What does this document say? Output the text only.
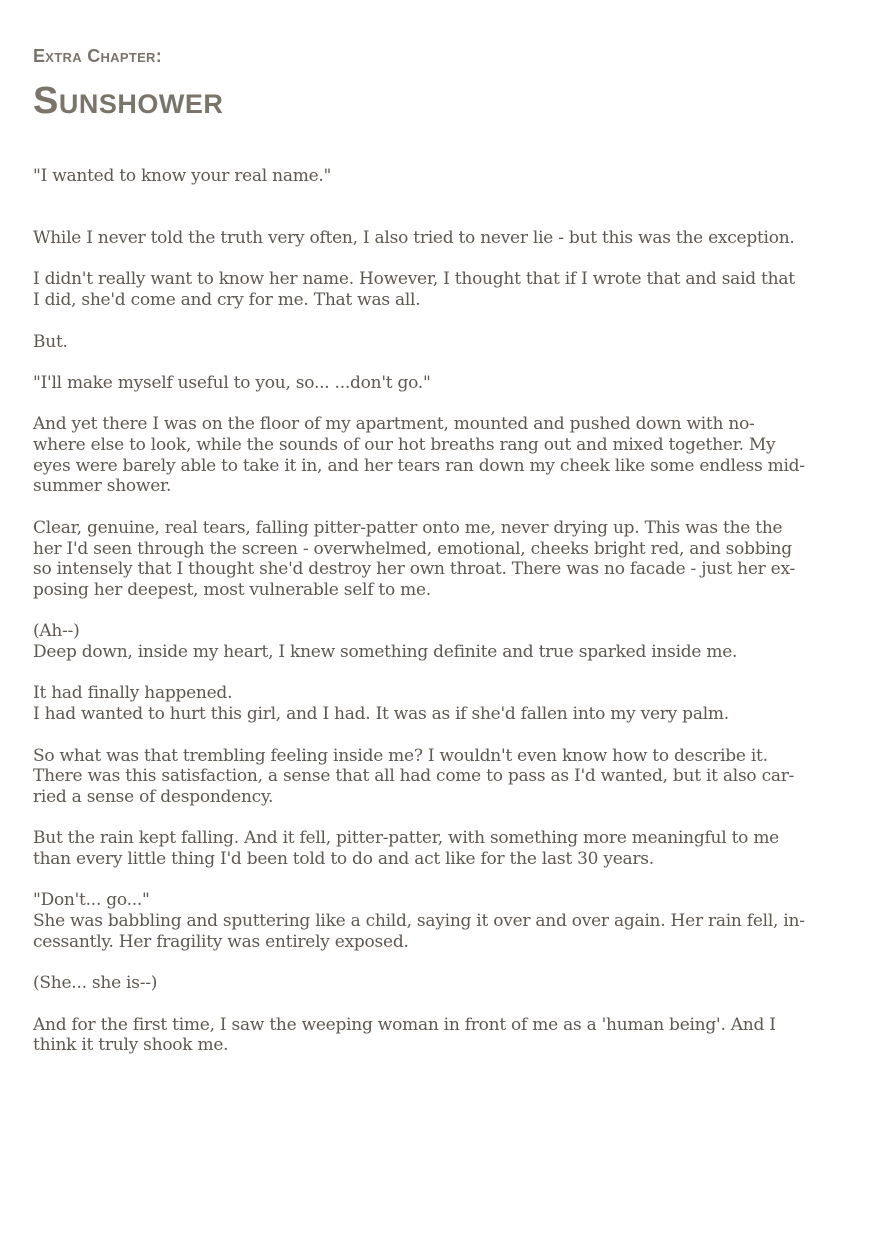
Extra Chapter:
Sunshower

"I wanted to know your real name."

While I never told the truth very often, I also tried to never lie - but this was the exception.

I didn't really want to know her name. However, I thought that if I wrote that and said that
I did, she'd come and cry for me. That was all.

But.

"I'll make myself useful to you, so... ...don't go."

And yet there I was on the floor of my apartment, mounted and pushed down with no-
where else to look, while the sounds of our hot breaths rang out and mixed together. My
eyes were barely able to take it in, and her tears ran down my cheek like some endless mid-
summer shower.

Clear, genuine, real tears, falling pitter-patter onto me, never drying up. This was the the
her I'd seen through the screen - overwhelmed, emotional, cheeks bright red, and sobbing
so intensely that I thought she'd destroy her own throat. There was no facade - just her ex-
posing her deepest, most vulnerable self to me.

(Ah--)
Deep down, inside my heart, I knew something definite and true sparked inside me.

It had finally happened.
I had wanted to hurt this girl, and I had. It was as if she'd fallen into my very palm.

So what was that trembling feeling inside me? I wouldn't even know how to describe it.
There was this satisfaction, a sense that all had come to pass as I'd wanted, but it also car-
ried a sense of despondency.

But the rain kept falling. And it fell, pitter-patter, with something more meaningful to me
than every little thing I'd been told to do and act like for the last 30 years.

"Don't... go..."
She was babbling and sputtering like a child, saying it over and over again. Her rain fell, in-
cessantly. Her fragility was entirely exposed.

(She... she is--)

And for the first time, I saw the weeping woman in front of me as a 'human being'. And I
think it truly shook me.
